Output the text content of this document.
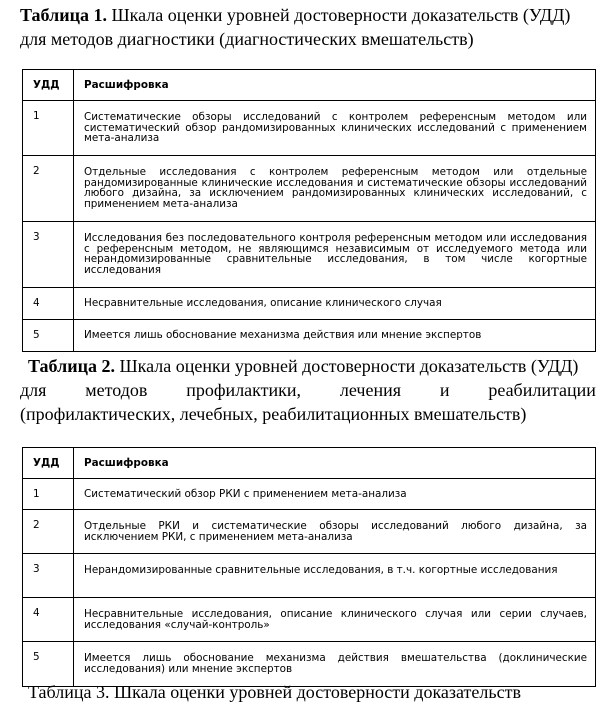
Таблица 1. Шкала оценки уровней достоверности доказательств (УДД) для методов диагностики (диагностических вмешательств)

УДД	Расшифровка
1	Систематические обзоры исследований с контролем референсным методом или систематический обзор рандомизированных клинических исследований с применением мета-анализа
2	Отдельные исследования с контролем референсным методом или отдельные рандомизированные клинические исследования и систематические обзоры исследований любого дизайна, за исключением рандомизированных клинических исследований, с применением мета-анализа
3	Исследования без последовательного контроля референсным методом или исследования с референсным методом, не являющимся независимым от исследуемого метода или нерандомизированные сравнительные исследования, в том числе когортные исследования
4	Несравнительные исследования, описание клинического случая
5	Имеется лишь обоснование механизма действия или мнение экспертов
Таблица 2. Шкала оценки уровней достоверности доказательств (УДД)
для методов профилактики, лечения и реабилитации
(профилактических, лечебных, реабилитационных вмешательств)
УДД	Расшифровка
1	Систематический обзор РКИ с применением мета-анализа
2	Отдельные РКИ и систематические обзоры исследований любого дизайна, за исключением РКИ, с применением мета-анализа
3	Нерандомизированные сравнительные исследования, в т.ч. когортные исследования
4	Несравнительные исследования, описание клинического случая или серии случаев, исследования «случай-контроль»
5	Имеется лишь обоснование механизма действия вмешательства (доклинические исследования) или мнение экспертов
Таблица 3. Шкала оценки уровней достоверности доказательств
